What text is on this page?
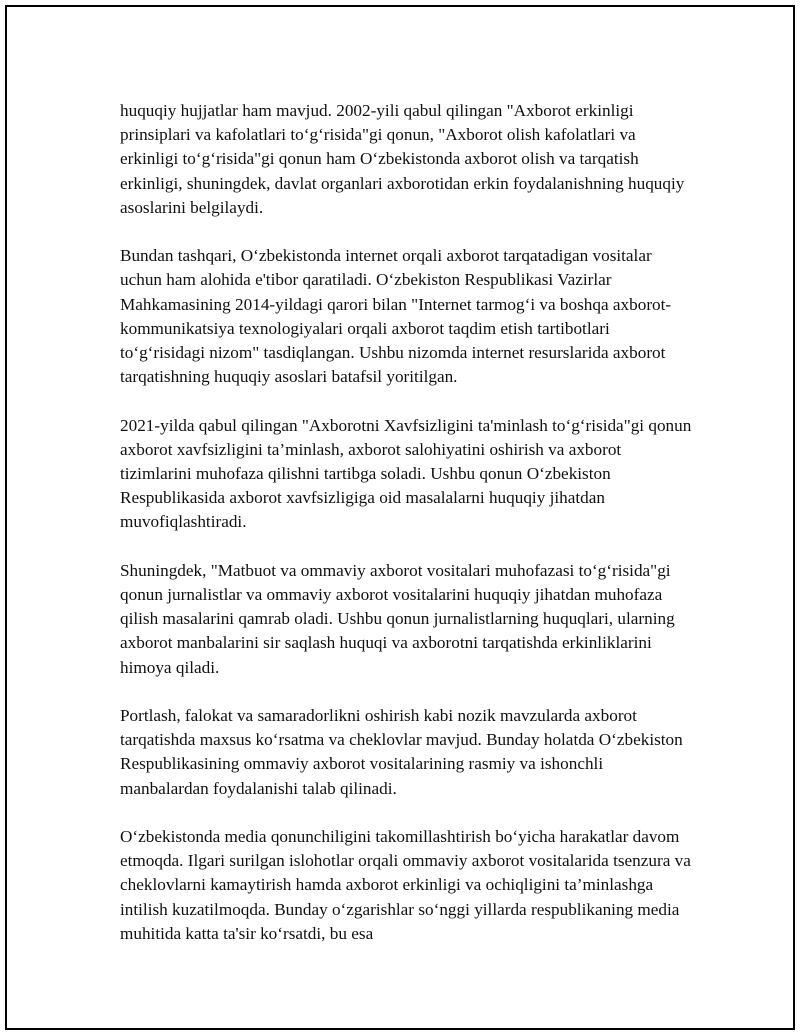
huquqiy hujjatlar ham mavjud. 2002-yili qabul qilingan "Axborot erkinligi prinsiplari va kafolatlari to‘g‘risida"gi qonun, "Axborot olish kafolatlari va erkinligi to‘g‘risida"gi qonun ham O‘zbekistonda axborot olish va tarqatish erkinligi, shuningdek, davlat organlari axborotidan erkin foydalanishning huquqiy asoslarini belgilaydi.

Bundan tashqari, O‘zbekistonda internet orqali axborot tarqatadigan vositalar uchun ham alohida e'tibor qaratiladi. O‘zbekiston Respublikasi Vazirlar Mahkamasining 2014-yildagi qarori bilan "Internet tarmog‘i va boshqa axborot-kommunikatsiya texnologiyalari orqali axborot taqdim etish tartibotlari to‘g‘risidagi nizom" tasdiqlangan. Ushbu nizomda internet resurslarida axborot tarqatishning huquqiy asoslari batafsil yoritilgan.

2021-yilda qabul qilingan "Axborotni Xavfsizligini ta'minlash to‘g‘risida"gi qonun axborot xavfsizligini ta’minlash, axborot salohiyatini oshirish va axborot tizimlarini muhofaza qilishni tartibga soladi. Ushbu qonun O‘zbekiston Respublikasida axborot xavfsizligiga oid masalalarni huquqiy jihatdan muvofiqlashtiradi.

Shuningdek, "Matbuot va ommaviy axborot vositalari muhofazasi to‘g‘risida"gi qonun jurnalistlar va ommaviy axborot vositalarini huquqiy jihatdan muhofaza qilish masalarini qamrab oladi. Ushbu qonun jurnalistlarning huquqlari, ularning axborot manbalarini sir saqlash huquqi va axborotni tarqatishda erkinliklarini himoya qiladi.

Portlash, falokat va samaradorlikni oshirish kabi nozik mavzularda axborot tarqatishda maxsus ko‘rsatma va cheklovlar mavjud. Bunday holatda O‘zbekiston Respublikasining ommaviy axborot vositalarining rasmiy va ishonchli manbalardan foydalanishi talab qilinadi.

O‘zbekistonda media qonunchiligini takomillashtirish bo‘yicha harakatlar davom etmoqda. Ilgari surilgan islohotlar orqali ommaviy axborot vositalarida tsenzura va cheklovlarni kamaytirish hamda axborot erkinligi va ochiqligini ta’minlashga intilish kuzatilmoqda. Bunday o‘zgarishlar so‘nggi yillarda respublikaning media muhitida katta ta'sir ko‘rsatdi, bu esa
